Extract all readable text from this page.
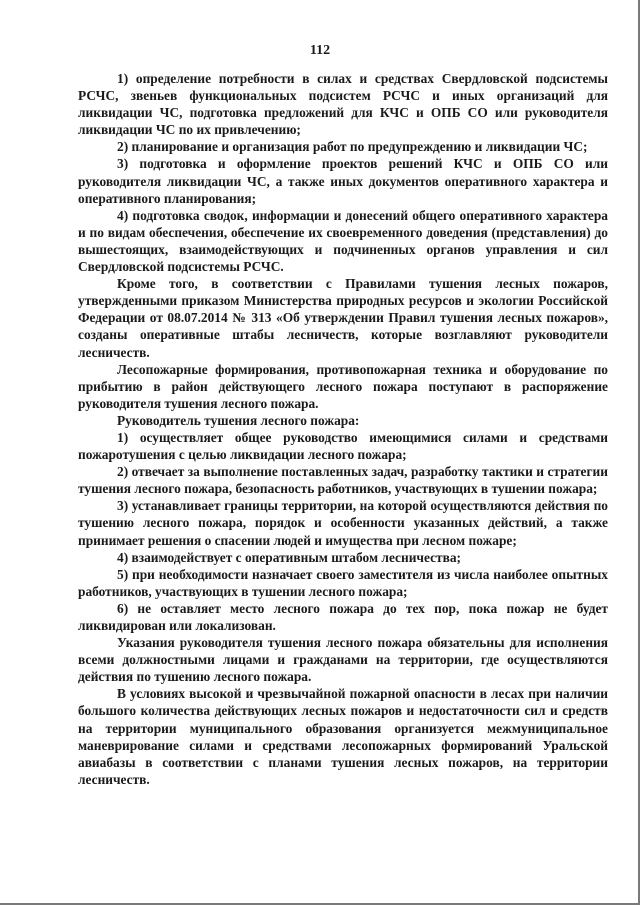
112

1) определение потребности в силах и средствах Свердловской подсистемы РСЧС, звеньев функциональных подсистем РСЧС и иных организаций для ликвидации ЧС, подготовка предложений для КЧС и ОПБ СО или руководителя ликвидации ЧС по их привлечению;

2) планирование и организация работ по предупреждению и ликвидации ЧС;

3) подготовка и оформление проектов решений КЧС и ОПБ СО или руководителя ликвидации ЧС, а также иных документов оперативного характера и оперативного планирования;

4) подготовка сводок, информации и донесений общего оперативного характера и по видам обеспечения, обеспечение их своевременного доведения (представления) до вышестоящих, взаимодействующих и подчиненных органов управления и сил Свердловской подсистемы РСЧС.

Кроме того, в соответствии с Правилами тушения лесных пожаров, утвержденными приказом Министерства природных ресурсов и экологии Российской Федерации от 08.07.2014 № 313 «Об утверждении Правил тушения лесных пожаров», созданы оперативные штабы лесничеств, которые возглавляют руководители лесничеств.

Лесопожарные формирования, противопожарная техника и оборудование по прибытию в район действующего лесного пожара поступают в распоряжение руководителя тушения лесного пожара.

Руководитель тушения лесного пожара:

1) осуществляет общее руководство имеющимися силами и средствами пожаротушения с целью ликвидации лесного пожара;

2) отвечает за выполнение поставленных задач, разработку тактики и стратегии тушения лесного пожара, безопасность работников, участвующих в тушении пожара;

3) устанавливает границы территории, на которой осуществляются действия по тушению лесного пожара, порядок и особенности указанных действий, а также принимает решения о спасении людей и имущества при лесном пожаре;

4) взаимодействует с оперативным штабом лесничества;

5) при необходимости назначает своего заместителя из числа наиболее опытных работников, участвующих в тушении лесного пожара;

6) не оставляет место лесного пожара до тех пор, пока пожар не будет ликвидирован или локализован.

Указания руководителя тушения лесного пожара обязательны для исполнения всеми должностными лицами и гражданами на территории, где осуществляются действия по тушению лесного пожара.

В условиях высокой и чрезвычайной пожарной опасности в лесах при наличии большого количества действующих лесных пожаров и недостаточности сил и средств на территории муниципального образования организуется межмуниципальное маневрирование силами и средствами лесопожарных формирований Уральской авиабазы в соответствии с планами тушения лесных пожаров, на территории лесничеств.
